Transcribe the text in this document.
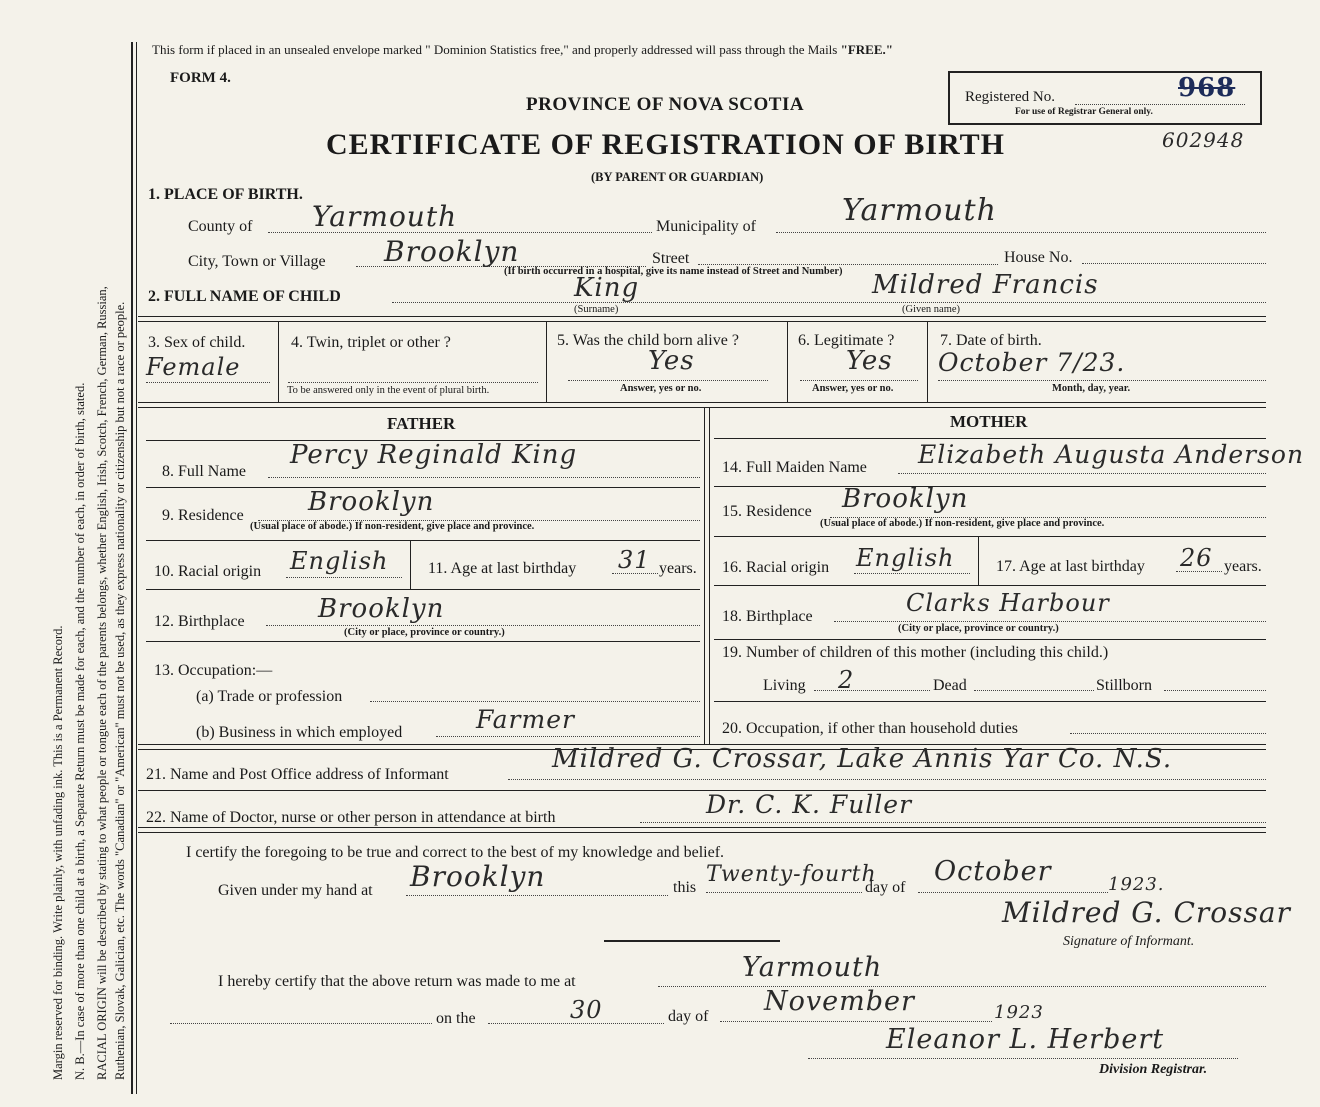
Margin reserved for binding. Write plainly, with unfading ink. This is a Permanent Record. N. B.—In case of more than one child at a birth, a Separate Return must be made for each, and the number of each, in order of birth, stated. RACIAL ORIGIN will be described by stating to what people or tongue each of the parents belongs, whether English, Irish, Scotch, French, German, Russian, Ruthenian, Slovak, Galician, etc. The words "Canadian" or "American" must not be used, as they express nationality or citizenship but not a race or people.
This form if placed in an unsealed envelope marked " Dominion Statistics free," and properly addressed will pass through the Mails "FREE."
FORM 4.
PROVINCE OF NOVA SCOTIA
CERTIFICATE OF REGISTRATION OF BIRTH
(BY PARENT OR GUARDIAN)
Registered No.	968
For use of Registrar General only.
602948
1. PLACE OF BIRTH.
County of Yarmouth	Municipality of	Yarmouth
City, Town or Village Brooklyn	Street	House No.
(If birth occurred in a hospital, give its name instead of Street and Number)
2. FULL NAME OF CHILD	King
(Surname)
Mildred Francis
(Given name)
3. Sex of child.
Female
4. Twin, triplet or other ?
To be answered only in the event of plural birth.
5. Was the child born alive ?
Yes
Answer, yes or no.
6. Legitimate ?
Yes
Answer, yes or no.
7. Date of birth.
October 7/23.
Month, day, year.
FATHER
8. Full Name
Percy Reginald King
9. Residence Brooklyn
(Usual place of abode.) If non-resident, give place and province.
10. Racial origin English 11. Age at last birthday 31 years.
12. Birthplace	Brooklyn
(City or place, province or country.)
13. Occupation:—
(a) Trade or profession
(b) Business in which employed	Farmer
MOTHER
14. Full Maiden Name Elizabeth Augusta Anderson
15. Residence Brooklyn
(Usual place of abode.) If non-resident, give place and province.
16. Racial origin English	17. Age at last birthday 26 years.
18. Birthplace	Clarks Harbour
(City or place, province or country.)
19. Number of children of this mother (including this child.)
Living 2	Dead	Stillborn
20. Occupation, if other than household duties
21. Name and Post Office address of Informant
Mildred G. Crossar, Lake Annis Yar Co. N.S.
22. Name of Doctor, nurse or other person in attendance at birth	Dr. C. K. Fuller
I certify the foregoing to be true and correct to the best of my knowledge and belief.
Given under my hand at Brooklyn	this
Twenty-fourth
day of
October	1923.
Mildred G. Crossar
Signature of Informant.
I hereby certify that the above return was made to me at	Yarmouth
on the	30	day of November	1923
Eleanor L. Herbert
Division Registrar.
